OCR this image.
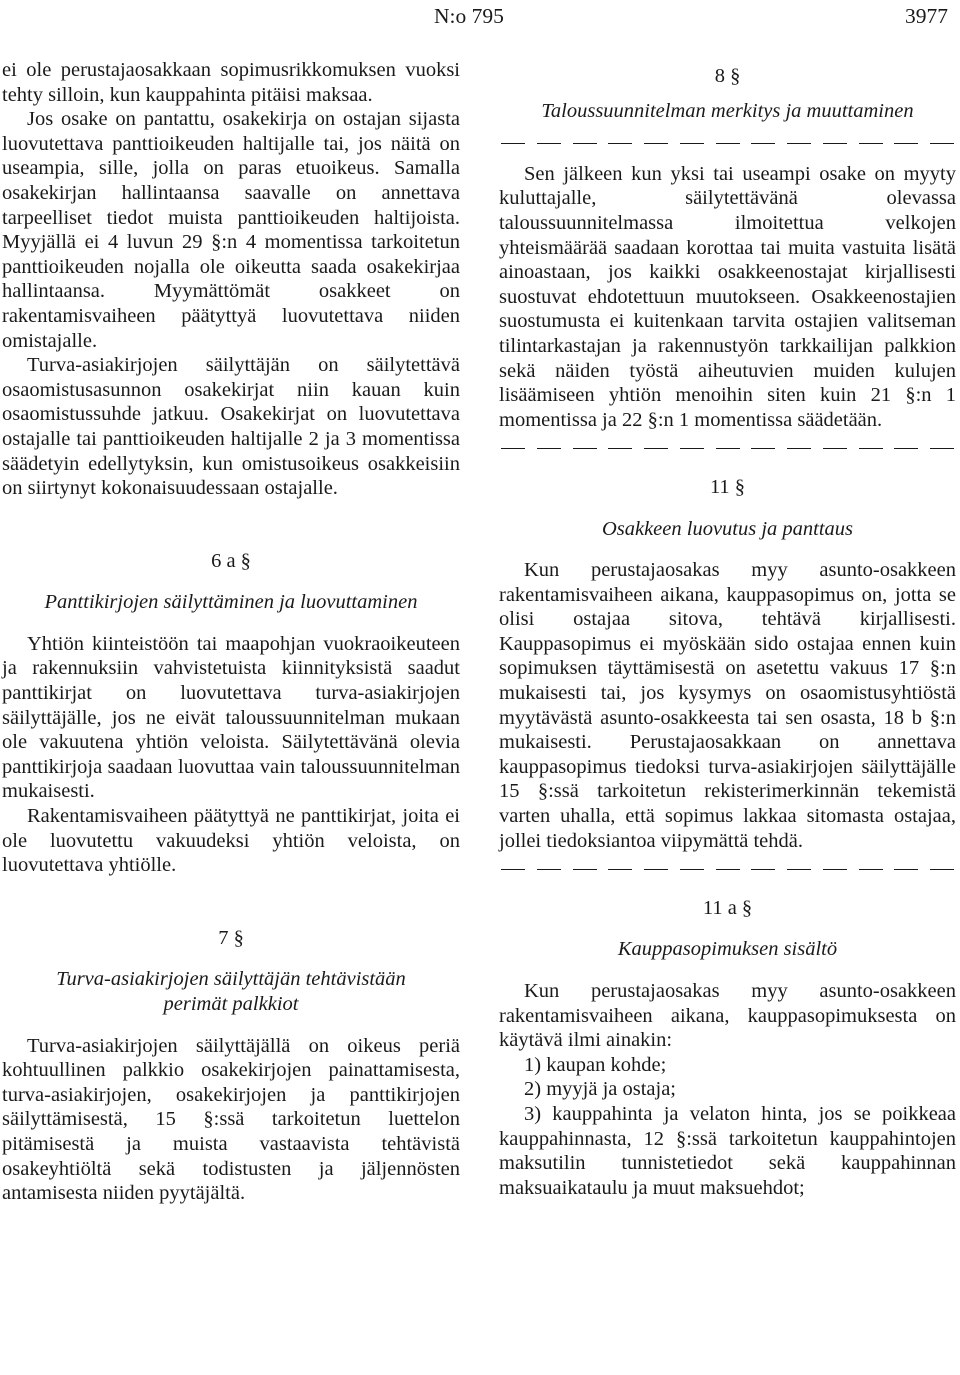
N:o 795	3977

ei ole perustajaosakkaan sopimusrikkomuksen vuoksi tehty silloin, kun kauppahinta pitäisi maksaa.

Jos osake on pantattu, osakekirja on ostajan sijasta luovutettava panttioikeuden haltijalle tai, jos näitä on useampia, sille, jolla on paras etuoikeus. Samalla osakekirjan hallintaansa saavalle on annettava tarpeelliset tiedot muista panttioikeuden haltijoista. Myyjällä ei 4 luvun 29 §:n 4 momentissa tarkoitetun panttioikeuden nojalla ole oikeutta saada osakekirjaa hallintaansa. Myymättömät osakkeet on rakentamisvaiheen päätyttyä luovutettava niiden omistajalle.

Turva-asiakirjojen säilyttäjän on säilytettävä osaomistusasunnon osakekirjat niin kauan kuin osaomistussuhde jatkuu. Osakekirjat on luovutettava ostajalle tai panttioikeuden haltijalle 2 ja 3 momentissa säädetyin edellytyksin, kun omistusoikeus osakkeisiin on siirtynyt kokonaisuudessaan ostajalle.

6 a §

Panttikirjojen säilyttäminen ja luovuttaminen

Yhtiön kiinteistöön tai maapohjan vuokraoikeuteen ja rakennuksiin vahvistetuista kiinnityksistä saadut panttikirjat on luovutettava turva-asiakirjojen säilyttäjälle, jos ne eivät taloussuunnitelman mukaan ole vakuutena yhtiön veloista. Säilytettävänä olevia panttikirjoja saadaan luovuttaa vain taloussuunnitelman mukaisesti.

Rakentamisvaiheen päätyttyä ne panttikirjat, joita ei ole luovutettu vakuudeksi yhtiön veloista, on luovutettava yhtiölle.

7 §

Turva-asiakirjojen säilyttäjän tehtävistään perimät palkkiot

Turva-asiakirjojen säilyttäjällä on oikeus periä kohtuullinen palkkio osakekirjojen painattamisesta, turva-asiakirjojen, osakekirjojen ja panttikirjojen säilyttämisestä, 15 §:ssä tarkoitetun luettelon pitämisestä ja muista vastaavista tehtävistä osakeyhtiöltä sekä todistusten ja jäljennösten antamisesta niiden pyytäjältä.

8 §

Taloussuunnitelman merkitys ja muuttaminen

Sen jälkeen kun yksi tai useampi osake on myyty kuluttajalle, säilytettävänä olevassa taloussuunnitelmassa ilmoitettua velkojen yhteismäärää saadaan korottaa tai muita vastuita lisätä ainoastaan, jos kaikki osakkeenostajat kirjallisesti suostuvat ehdotettuun muutokseen. Osakkeenostajien suostumusta ei kuitenkaan tarvita ostajien valitseman tilintarkastajan ja rakennustyön tarkkailijan palkkion sekä näiden työstä aiheutuvien muiden kulujen lisäämiseen yhtiön menoihin siten kuin 21 §:n 1 momentissa ja 22 §:n 1 momentissa säädetään.

11 §

Osakkeen luovutus ja panttaus

Kun perustajaosakas myy asunto-osakkeen rakentamisvaiheen aikana, kauppasopimus on, jotta se olisi ostajaa sitova, tehtävä kirjallisesti. Kauppasopimus ei myöskään sido ostajaa ennen kuin sopimuksen täyttämisestä on asetettu vakuus 17 §:n mukaisesti tai, jos kysymys on osaomistusyhtiöstä myytävästä asunto-osakkeesta tai sen osasta, 18 b §:n mukaisesti. Perustajaosakkaan on annettava kauppasopimus tiedoksi turva-asiakirjojen säilyttäjälle 15 §:ssä tarkoitetun rekisterimerkinnän tekemistä varten uhalla, että sopimus lakkaa sitomasta ostajaa, jollei tiedoksiantoa viipymättä tehdä.

11 a §

Kauppasopimuksen sisältö

Kun perustajaosakas myy asunto-osakkeen rakentamisvaiheen aikana, kauppasopimuksesta on käytävä ilmi ainakin:

1) kaupan kohde;

2) myyjä ja ostaja;

3) kauppahinta ja velaton hinta, jos se poikkeaa kauppahinnasta, 12 §:ssä tarkoitetun kauppahintojen maksutilin tunnistetiedot sekä kauppahinnan maksuaikataulu ja muut maksuehdot;
